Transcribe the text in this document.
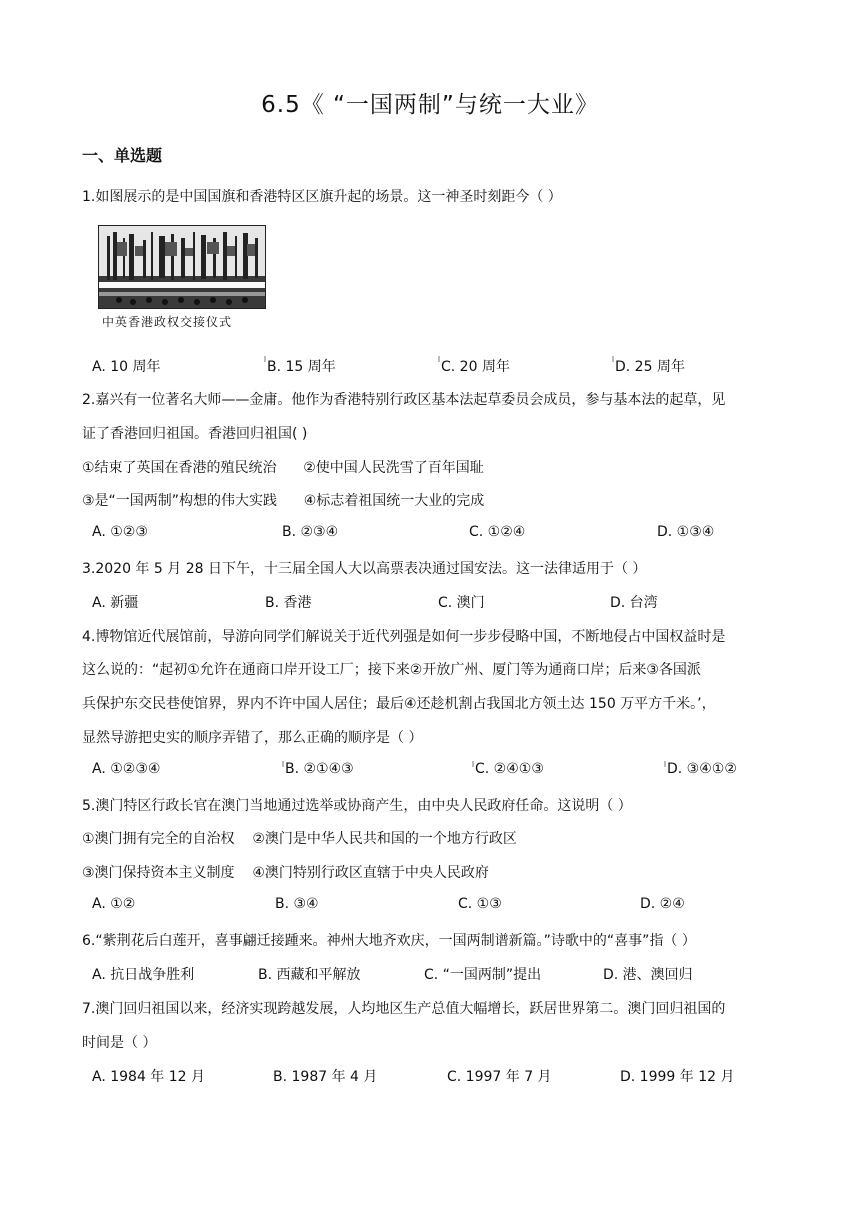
6.5《 “一国两制”与统一大业》
一、单选题
1.如图展示的是中国国旗和香港特区区旗升起的场景。这一神圣时刻距今（ ）
中英香港政权交接仪式
A. 10 周年	B. 15 周年	C. 20 周年	D. 25 周年
2.嘉兴有一位著名大师——金庸。他作为香港特别行政区基本法起草委员会成员，参与基本法的起草，见
证了香港回归祖国。香港回归祖国( )
①结束了英国在香港的殖民统治      ②使中国人民洗雪了百年国耻
③是“一国两制”构想的伟大实践      ④标志着祖国统一大业的完成
A. ①②③	B. ②③④	C. ①②④	D. ①③④
3.2020 年 5 月 28 日下午，十三届全国人大以高票表决通过国安法。这一法律适用于（ ）
A. 新疆	B. 香港	C. 澳门	D. 台湾
4.博物馆近代展馆前，导游向同学们解说关于近代列强是如何一步步侵略中国，不断地侵占中国权益时是
这么说的：“起初①允许在通商口岸开设工厂；接下来②开放广州、厦门等为通商口岸；后来③各国派
兵保护东交民巷使馆界，界内不许中国人居住；最后④还趁机割占我国北方领土达 150 万平方千米。’，
显然导游把史实的顺序弄错了，那么正确的顺序是（ ）
A. ①②③④	B. ②①④③	C. ②④①③	D. ③④①②
5.澳门特区行政长官在澳门当地通过选举或协商产生，由中央人民政府任命。这说明（ ）
①澳门拥有完全的自治权    ②澳门是中华人民共和国的一个地方行政区
③澳门保持资本主义制度    ④澳门特别行政区直辖于中央人民政府
A. ①②	B. ③④	C. ①③	D. ②④
6.“紫荆花后白莲开，喜事翩迁接踵来。神州大地齐欢庆，一国两制谱新篇。”诗歌中的“喜事”指（ ）
A. 抗日战争胜利	B. 西藏和平解放	C. “一国两制”提出	D. 港、澳回归
7.澳门回归祖国以来，经济实现跨越发展，人均地区生产总值大幅增长，跃居世界第二。澳门回归祖国的
时间是（ ）
A. 1984 年 12 月	B. 1987 年 4 月	C. 1997 年 7 月	D. 1999 年 12 月
